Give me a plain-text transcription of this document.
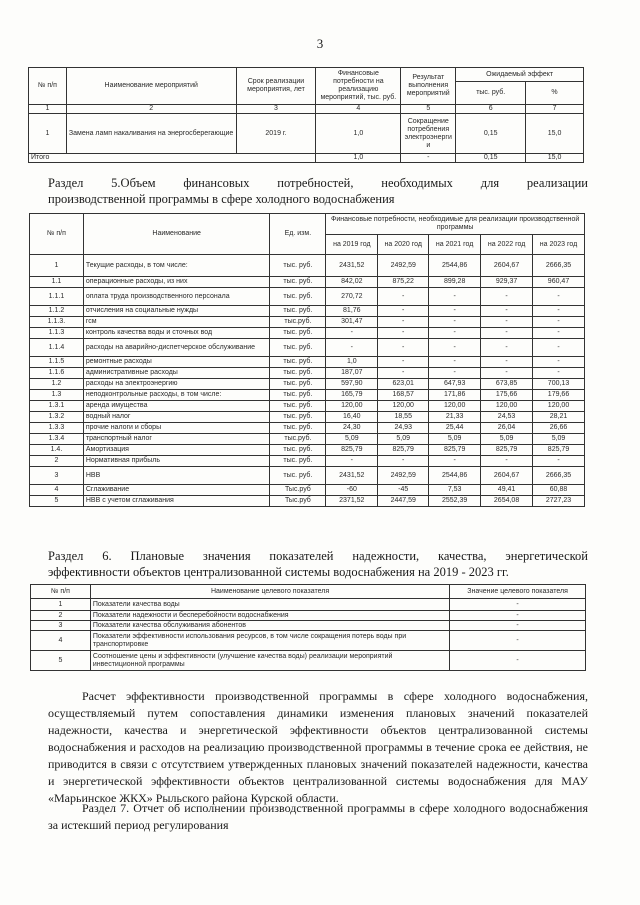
3
№ п/п	Наименование мероприятий	Срок реализации мероприятия, лет	Финансовые потребности на реализацию мероприятий, тыс. руб.	Результат выполнения мероприятий	Ожидаемый эффект	
					тыс. руб.	%
1	2	3	4	5	6	7
1	Замена ламп накаливания на энергосберегающие	2019 г.	1,0	Сокращение потребления электроэнерги и	0,15	15,0
Итого			1,0	-	0,15	15,0
Раздел 5.Объем финансовых потребностей, необходимых для реализации
производственной программы в сфере холодного водоснабжения
№ п/п	Наименование	Ед. изм.	Финансовые потребности, необходимые для реализации производственной программы				
			на 2019 год	на 2020 год	на 2021 год	на 2022 год	на 2023 год
1	Текущие расходы, в том числе:	тыс. руб.	2431,52	2492,59	2544,86	2604,67	2666,35
1.1	операционные расходы, из них	тыс. руб.	842,02	875,22	899,28	929,37	960,47
1.1.1	оплата труда производственного персонала	тыс. руб.	270,72	-	-	-	-
1.1.2	отчисления на социальные нужды	тыс. руб.	81,76	-	-	-	-
1.1.3.	гсм	тыс.руб.	301,47	-	-	-	-
1.1.3	контроль качества воды и сточных вод	тыс. руб.	-	-	-	-	-
1.1.4	расходы на аварийно-диспетчерское обслуживание	тыс. руб.	-	-	-	-	-
1.1.5	ремонтные расходы	тыс. руб.	1,0	-	-	-	-
1.1.6	административные расходы	тыс. руб.	187,07	-	-	-	-
1.2	расходы на электроэнергию	тыс. руб.	597,90	623,01	647,93	673,85	700,13
1.3	неподконтрольные расходы, в том числе:	тыс. руб.	165,79	168,57	171,86	175,66	179,66
1.3.1	аренда имущества	тыс. руб.	120,00	120,00	120,00	120,00	120,00
1.3.2	водный налог	тыс. руб.	16,40	18,55	21,33	24,53	28,21
1.3.3	прочие налоги и сборы	тыс. руб.	24,30	24,93	25,44	26,04	26,66
1.3.4	транспортный налог	тыс.руб.	5,09	5,09	5,09	5,09	5,09
1.4.	Амортизация	тыс. руб.	825,79	825,79	825,79	825,79	825,79
2	Нормативная прибыль	тыс. руб.	-	-	-	-	-
3	НВВ	тыс. руб.	2431,52	2492,59	2544,86	2604,67	2666,35
4	Сглаживание	Тыс.руб	-60	-45	7,53	49,41	60,88
5	НВВ с учетом сглаживания	Тыс.руб	2371,52	2447,59	2552,39	2654,08	2727,23
Раздел 6. Плановые значения показателей надежности, качества, энергетической
эффективности объектов централизованной системы водоснабжения на 2019 - 2023 гг.
№ п/п	Наименование целевого показателя	Значение целевого показателя
1	Показатели качества воды	-
2	Показатели надежности и бесперебойности водоснабжения	-
3	Показатели качества обслуживания абонентов	-
4	Показатели эффективности использования ресурсов, в том числе сокращения потерь воды при транспортировке	-
5	Соотношение цены и эффективности (улучшение качества воды) реализации мероприятий инвестиционной программы	-
Расчет эффективности производственной программы в сфере холодного водоснабжения, осуществляемый путем сопоставления динамики изменения плановых значений показателей надежности, качества и энергетической эффективности объектов централизованной системы водоснабжения и расходов на реализацию производственной программы в течение срока ее действия, не приводится в связи с отсутствием утвержденных плановых значений показателей надежности, качества и энергетической эффективности объектов централизованной системы водоснабжения для МАУ «Марьинское ЖКХ» Рыльского района Курской области.
Раздел 7. Отчет об исполнении производственной программы в сфере холодного водоснабжения за истекший период регулирования
